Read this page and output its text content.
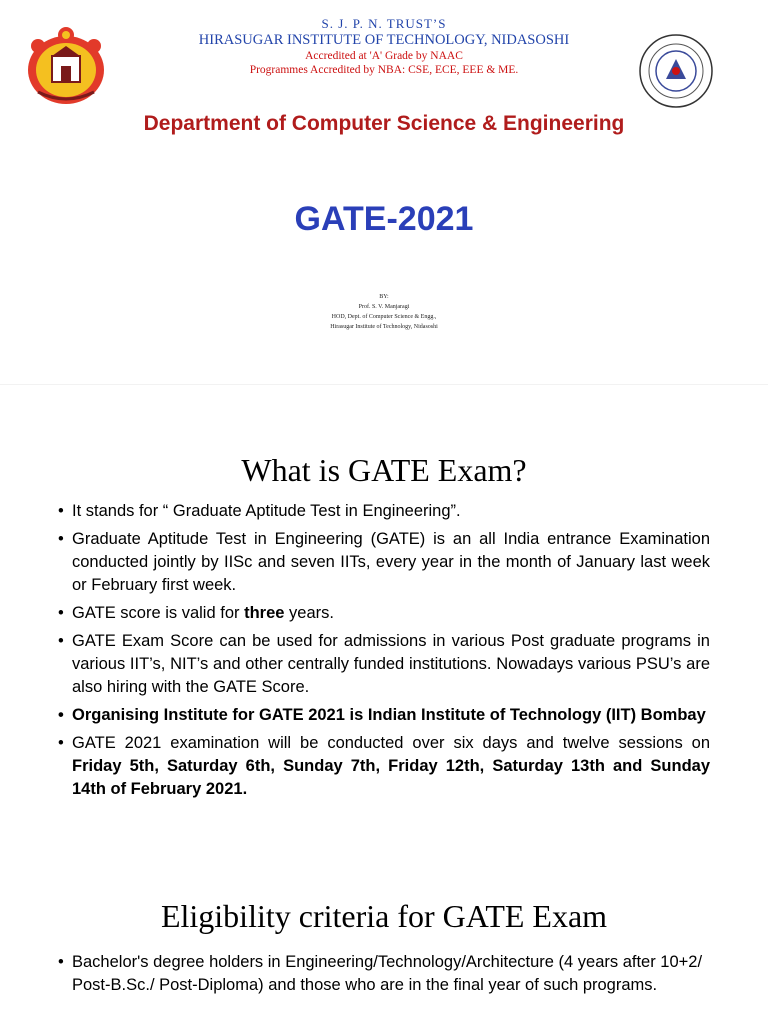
S. J. P. N. TRUST’S
HIRASUGAR INSTITUTE OF TECHNOLOGY, NIDASOSHI
Accredited at 'A' Grade by NAAC
Programmes Accredited by NBA: CSE, ECE, EEE & ME.
Department of Computer Science & Engineering
GATE-2021
BY:
Prof. S. V. Manjaragi
HOD, Dept. of Computer Science & Engg.,
Hirasugar Institute of Technology, Nidasoshi
What is GATE Exam?
• It stands for “ Graduate Aptitude Test in Engineering”.
• Graduate Aptitude Test in Engineering (GATE) is an all India entrance Examination conducted jointly by IISc and seven IITs, every year in the month of January last week or February first week.
• GATE score is valid for three years.
• GATE Exam Score can be used for admissions in various Post graduate programs in various IIT’s, NIT’s and other centrally funded institutions. Nowadays various PSU’s are also hiring with the GATE Score.
• Organising Institute for GATE 2021 is Indian Institute of Technology (IIT) Bombay
• GATE 2021 examination will be conducted over six days and twelve sessions on Friday 5th, Saturday 6th, Sunday 7th, Friday 12th, Saturday 13th and Sunday 14th of February 2021.
Eligibility criteria for GATE Exam
• Bachelor's degree holders in Engineering/Technology/Architecture (4 years after 10+2/ Post-B.Sc./ Post-Diploma) and those who are in the final year of such programs.
